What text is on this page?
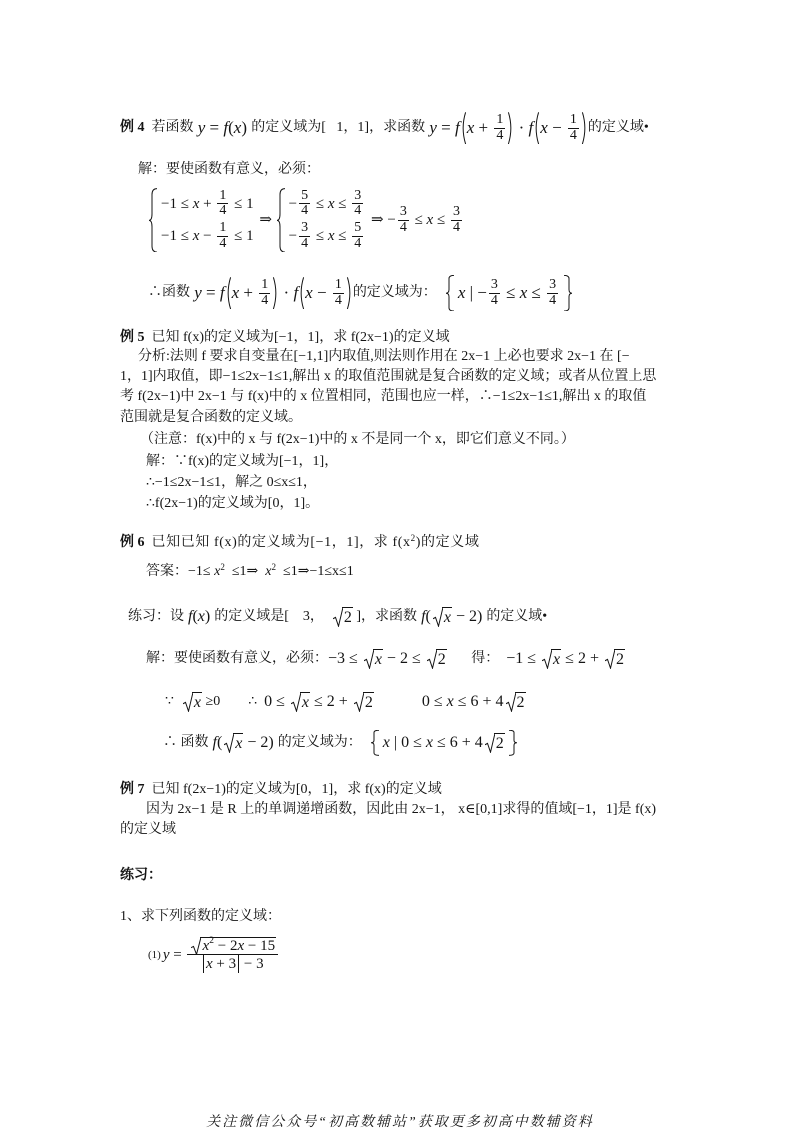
例 4 若函数 y = f(x) 的定义域为[   1，1]，求函数 y = f $x + \frac{1}{4} \cdot f$ $x - \frac{1}{4}$ 的定义域•
解：要使函数有意义，必须：
$-1 \le x + \frac{1}{4} \le 1$
$-1 \le x - \frac{1}{4} \le 1$
⇒
− $\frac{5}{4} \le x \le \frac{3}{4}$
− $\frac{3}{4} \le x \le \frac{5}{4}$
⇒ − $\frac{3}{4} \le x \le \frac{3}{4}$
∴函数 y = f $x + \frac{1}{4} \cdot f$ $x - \frac{1}{4}$ 的定义域为： x | − $\frac{3}{4} \le x \le \frac{3}{4}$
例 5 已知 f(x)的定义域为[−1，1]，求 f(2x−1)的定义域
分析:法则 f 要求自变量在[−1,1]内取值,则法则作用在 2x−1 上必也要求 2x−1 在 [−
1，1]内取值，即−1≤2x−1≤1,解出 x 的取值范围就是复合函数的定义域；或者从位置上思
考 f(2x−1)中 2x−1 与 f(x)中的 x 位置相同，范围也应一样，∴−1≤2x−1≤1,解出 x 的取值
范围就是复合函数的定义域。
（注意：f(x)中的 x 与 f(2x−1)中的 x 不是同一个 x，即它们意义不同。）
解：∵f(x)的定义域为[−1，1]，
∴−1≤2x−1≤1，解之 0≤x≤1，
∴f(2x−1)的定义域为[0，1]。
例 6 已知已知 f(x)的定义域为[−1，1]，求 f(x 2 )的定义域
答案：−1≤ x 2 ≤1⇒ x 2 ≤1⇒−1≤x≤1
练习：设 f(x) 的定义域是[    3， 2 ]，求函数 f( x − 2) 的定义域•
解：要使函数有意义，必须： −3 ≤ x − 2 ≤ 2 得： −1 ≤ x ≤ 2 + 2
∵ x ≥0        ∴ 0 ≤ x ≤ 2 + 2	0 ≤ x ≤ 6 + 4 2
∴ 函数 f( x − 2) 的定义域为： x | 0 ≤ x ≤ 6 + 4 2
例 7 已知 f(2x−1)的定义域为[0，1]，求 f(x)的定义域
因为 2x−1 是 R 上的单调递增函数，因此由 2x−1， x∈[0,1]求得的值域[−1，1]是 f(x)
的定义域
练习：
1、求下列函数的定义域：
(1) $y = \frac{x 2 - 2x - 15}{x + 3 - 3}$
关注微信公众号“初高数辅站”获取更多初高中数辅资料
